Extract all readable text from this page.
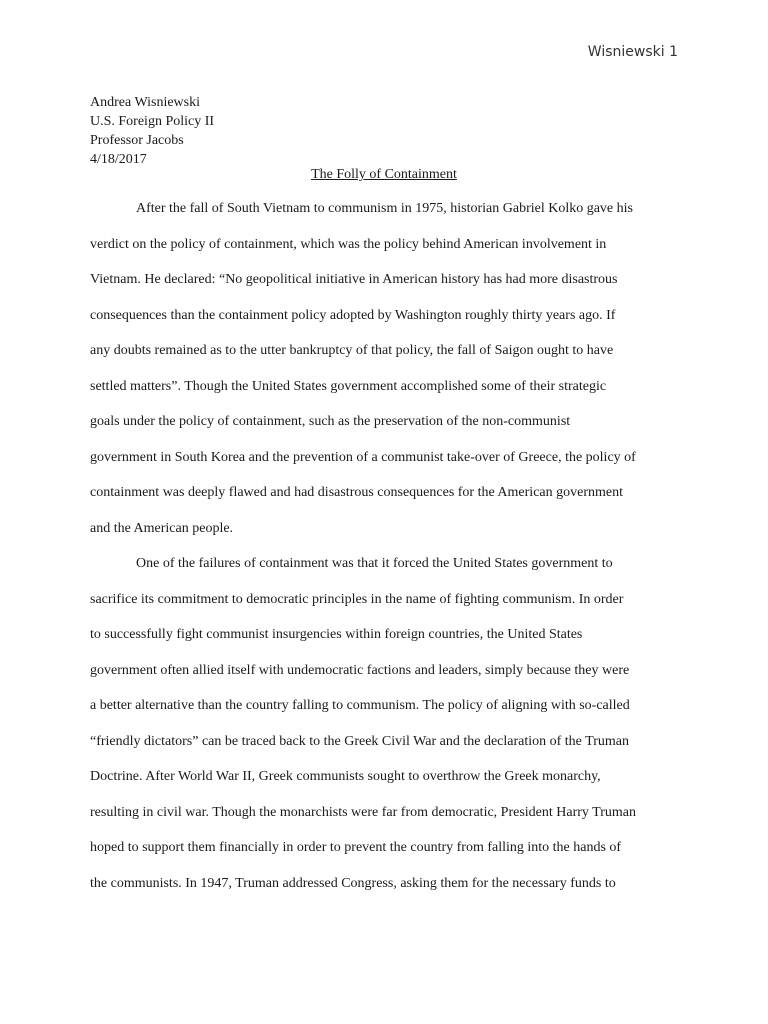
Wisniewski 1

Andrea Wisniewski

U.S. Foreign Policy II

Professor Jacobs

4/18/2017

The Folly of Containment

After the fall of South Vietnam to communism in 1975, historian Gabriel Kolko gave his
verdict on the policy of containment, which was the policy behind American involvement in
Vietnam. He declared: “No geopolitical initiative in American history has had more disastrous
consequences than the containment policy adopted by Washington roughly thirty years ago. If
any doubts remained as to the utter bankruptcy of that policy, the fall of Saigon ought to have
settled matters”. Though the United States government accomplished some of their strategic
goals under the policy of containment, such as the preservation of the non-communist
government in South Korea and the prevention of a communist take-over of Greece, the policy of
containment was deeply flawed and had disastrous consequences for the American government
and the American people.

One of the failures of containment was that it forced the United States government to
sacrifice its commitment to democratic principles in the name of fighting communism. In order
to successfully fight communist insurgencies within foreign countries, the United States
government often allied itself with undemocratic factions and leaders, simply because they were
a better alternative than the country falling to communism. The policy of aligning with so-called
“friendly dictators” can be traced back to the Greek Civil War and the declaration of the Truman
Doctrine. After World War II, Greek communists sought to overthrow the Greek monarchy,
resulting in civil war. Though the monarchists were far from democratic, President Harry Truman
hoped to support them financially in order to prevent the country from falling into the hands of
the communists. In 1947, Truman addressed Congress, asking them for the necessary funds to
